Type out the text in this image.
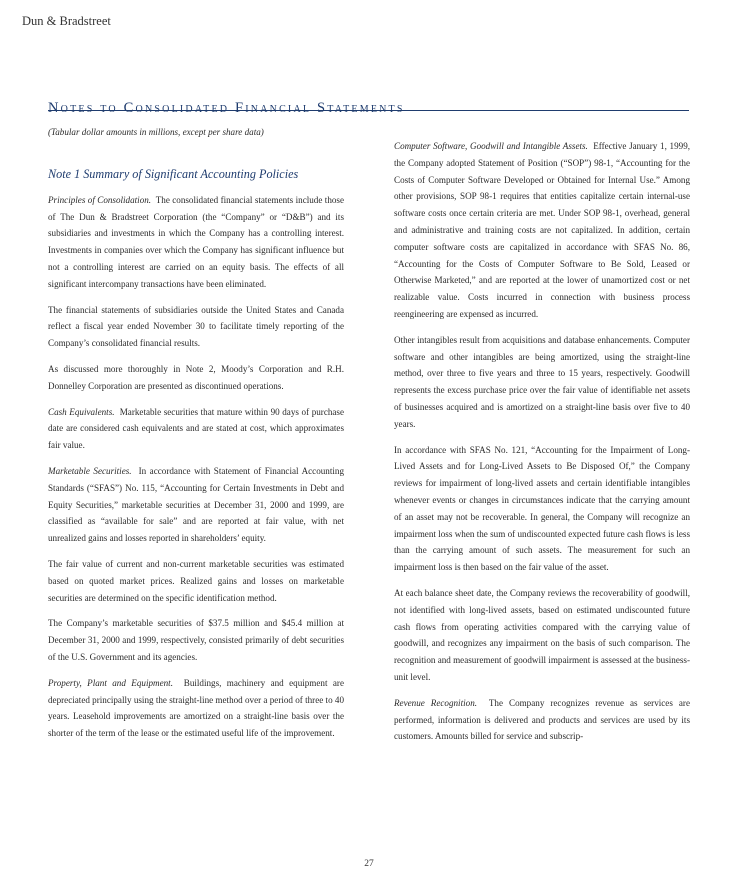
Dun & Bradstreet
Notes to Consolidated Financial Statements

(Tabular dollar amounts in millions, except per share data)

Note 1 Summary of Significant Accounting Policies

Principles of Consolidation. The consolidated financial statements include those of The Dun & Bradstreet Corporation (the “Company” or “D&B”) and its subsidiaries and investments in which the Company has a controlling interest. Investments in companies over which the Company has significant influence but not a controlling interest are carried on an equity basis. The effects of all significant intercompany transactions have been eliminated.

The financial statements of subsidiaries outside the United States and Canada reflect a fiscal year ended November 30 to facilitate timely reporting of the Company’s consolidated financial results.

As discussed more thoroughly in Note 2, Moody’s Corporation and R.H. Donnelley Corporation are presented as discontinued operations.

Cash Equivalents. Marketable securities that mature within 90 days of purchase date are considered cash equivalents and are stated at cost, which approximates fair value.

Marketable Securities. In accordance with Statement of Financial Accounting Standards (“SFAS”) No. 115, “Accounting for Certain Investments in Debt and Equity Securities,” marketable securities at December 31, 2000 and 1999, are classified as “available for sale” and are reported at fair value, with net unrealized gains and losses reported in shareholders’ equity.

The fair value of current and non-current marketable securities was estimated based on quoted market prices. Realized gains and losses on marketable securities are determined on the specific identification method.

The Company’s marketable securities of $37.5 million and $45.4 million at December 31, 2000 and 1999, respectively, consisted primarily of debt securities of the U.S. Government and its agencies.

Property, Plant and Equipment. Buildings, machinery and equipment are depreciated principally using the straight-line method over a period of three to 40 years. Leasehold improvements are amortized on a straight-line basis over the shorter of the term of the lease or the estimated useful life of the improvement.

Computer Software, Goodwill and Intangible Assets. Effective January 1, 1999, the Company adopted Statement of Position (“SOP”) 98-1, “Accounting for the Costs of Computer Software Developed or Obtained for Internal Use.” Among other provisions, SOP 98-1 requires that entities capitalize certain internal-use software costs once certain criteria are met. Under SOP 98-1, overhead, general and administrative and training costs are not capitalized. In addition, certain computer software costs are capitalized in accordance with SFAS No. 86, “Accounting for the Costs of Computer Software to Be Sold, Leased or Otherwise Marketed,” and are reported at the lower of unamortized cost or net realizable value. Costs incurred in connection with business process reengineering are expensed as incurred.

Other intangibles result from acquisitions and database enhancements. Computer software and other intangibles are being amortized, using the straight-line method, over three to five years and three to 15 years, respectively. Goodwill represents the excess purchase price over the fair value of identifiable net assets of businesses acquired and is amortized on a straight-line basis over five to 40 years.

In accordance with SFAS No. 121, “Accounting for the Impairment of Long-Lived Assets and for Long-Lived Assets to Be Disposed Of,” the Company reviews for impairment of long-lived assets and certain identifiable intangibles whenever events or changes in circumstances indicate that the carrying amount of an asset may not be recoverable. In general, the Company will recognize an impairment loss when the sum of undiscounted expected future cash flows is less than the carrying amount of such assets. The measurement for such an impairment loss is then based on the fair value of the asset.

At each balance sheet date, the Company reviews the recoverability of goodwill, not identified with long-lived assets, based on estimated undiscounted future cash flows from operating activities compared with the carrying value of goodwill, and recognizes any impairment on the basis of such comparison. The recognition and measurement of goodwill impairment is assessed at the business-unit level.

Revenue Recognition. The Company recognizes revenue as services are performed, information is delivered and products and services are used by its customers. Amounts billed for service and subscrip-

27
